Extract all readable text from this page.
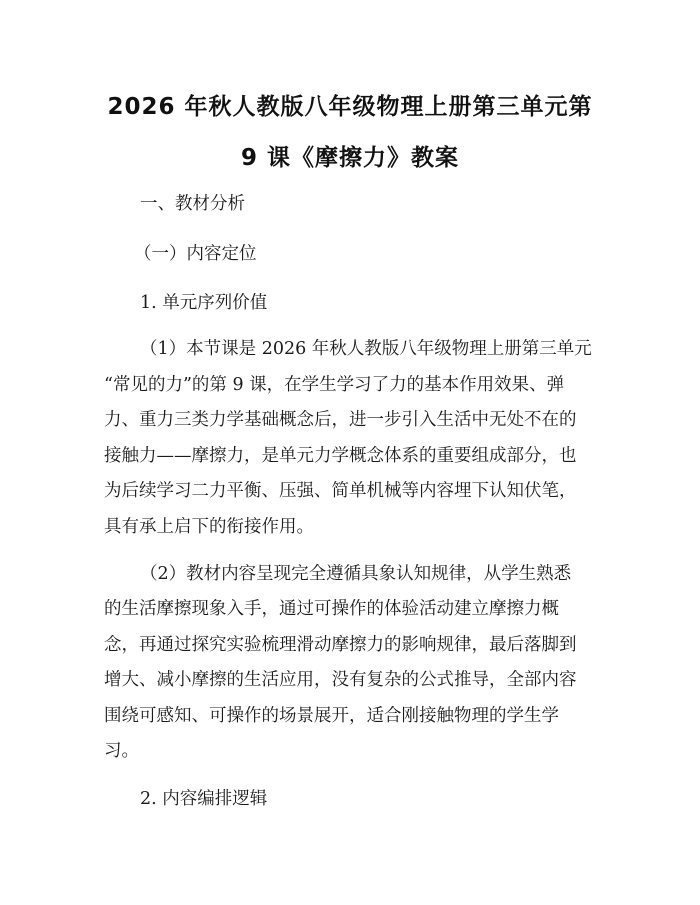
2026 年秋人教版八年级物理上册第三单元第
9 课《摩擦力》教案
一、教材分析
（一）内容定位
1. 单元序列价值
（1）本节课是 2026 年秋人教版八年级物理上册第三单元
“常见的力”的第 9 课，在学生学习了力的基本作用效果、弹
力、重力三类力学基础概念后，进一步引入生活中无处不在的
接触力——摩擦力，是单元力学概念体系的重要组成部分，也
为后续学习二力平衡、压强、简单机械等内容埋下认知伏笔，
具有承上启下的衔接作用。
（2）教材内容呈现完全遵循具象认知规律，从学生熟悉
的生活摩擦现象入手，通过可操作的体验活动建立摩擦力概
念，再通过探究实验梳理滑动摩擦力的影响规律，最后落脚到
增大、减小摩擦的生活应用，没有复杂的公式推导，全部内容
围绕可感知、可操作的场景展开，适合刚接触物理的学生学
习。
2. 内容编排逻辑
